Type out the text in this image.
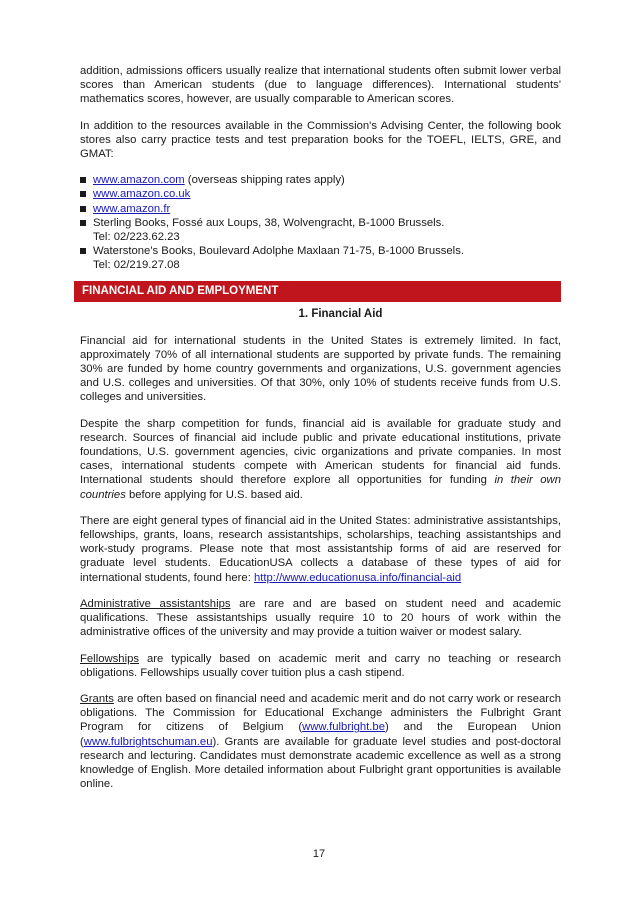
addition, admissions officers usually realize that international students often submit lower verbal scores than American students (due to language differences). International students' mathematics scores, however, are usually comparable to American scores.

In addition to the resources available in the Commission's Advising Center, the following book stores also carry practice tests and test preparation books for the TOEFL, IELTS, GRE, and GMAT:

www.amazon.com (overseas shipping rates apply)
www.amazon.co.uk
www.amazon.fr
Sterling Books, Fossé aux Loups, 38, Wolvengracht, B-1000 Brussels.
Tel: 02/223.62.23
Waterstone's Books, Boulevard Adolphe Maxlaan 71-75, B-1000 Brussels.
Tel: 02/219.27.08
FINANCIAL AID AND EMPLOYMENT
1. Financial Aid

Financial aid for international students in the United States is extremely limited. In fact, approximately 70% of all international students are supported by private funds. The remaining 30% are funded by home country governments and organizations, U.S. government agencies and U.S. colleges and universities. Of that 30%, only 10% of students receive funds from U.S. colleges and universities.

Despite the sharp competition for funds, financial aid is available for graduate study and research. Sources of financial aid include public and private educational institutions, private foundations, U.S. government agencies, civic organizations and private companies. In most cases, international students compete with American students for financial aid funds. International students should therefore explore all opportunities for funding in their own countries before applying for U.S. based aid.

There are eight general types of financial aid in the United States: administrative assistantships, fellowships, grants, loans, research assistantships, scholarships, teaching assistantships and work-study programs. Please note that most assistantship forms of aid are reserved for graduate level students. EducationUSA collects a database of these types of aid for international students, found here: http://www.educationusa.info/financial-aid

Administrative assistantships are rare and are based on student need and academic qualifications. These assistantships usually require 10 to 20 hours of work within the administrative offices of the university and may provide a tuition waiver or modest salary.

Fellowships are typically based on academic merit and carry no teaching or research obligations. Fellowships usually cover tuition plus a cash stipend.

Grants are often based on financial need and academic merit and do not carry work or research obligations. The Commission for Educational Exchange administers the Fulbright Grant Program for citizens of Belgium (www.fulbright.be) and the European Union (www.fulbrightschuman.eu). Grants are available for graduate level studies and post-doctoral research and lecturing. Candidates must demonstrate academic excellence as well as a strong knowledge of English. More detailed information about Fulbright grant opportunities is available online.

17
